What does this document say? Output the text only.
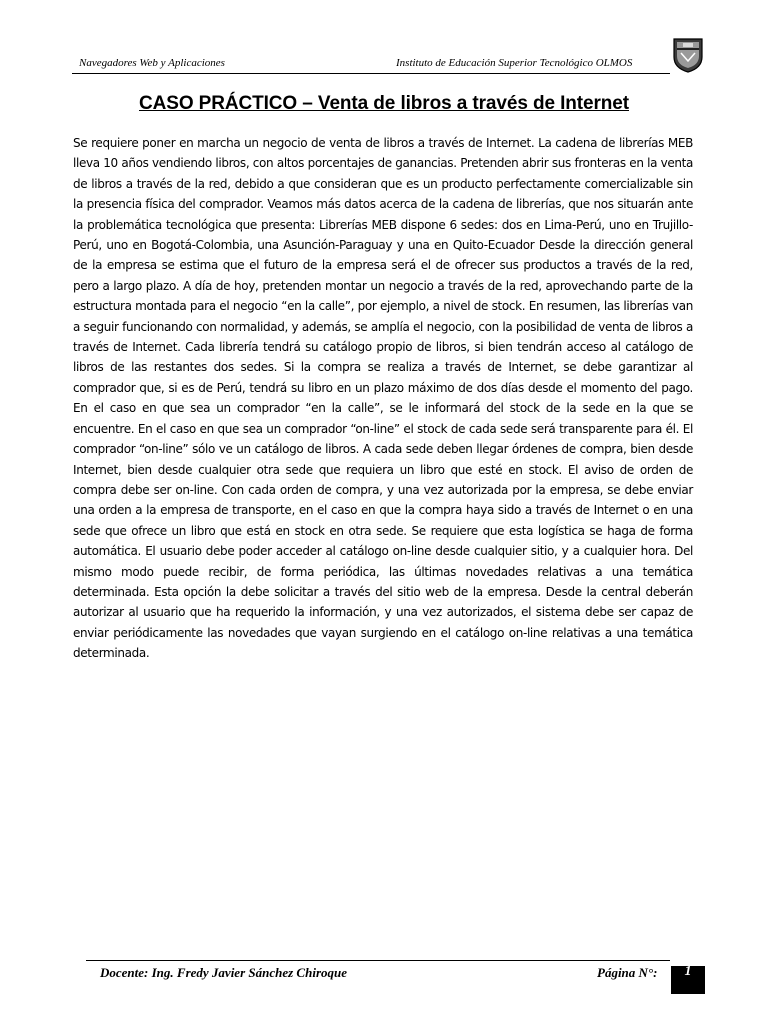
Navegadores Web y Aplicaciones	Instituto de Educación Superior Tecnológico OLMOS
CASO PRÁCTICO – Venta de libros a través de Internet
Se requiere poner en marcha un negocio de venta de libros a través de Internet. La cadena de librerías MEB lleva 10 años vendiendo libros, con altos porcentajes de ganancias. Pretenden abrir sus fronteras en la venta de libros a través de la red, debido a que consideran que es un producto perfectamente comercializable sin la presencia física del comprador. Veamos más datos acerca de la cadena de librerías, que nos situarán ante la problemática tecnológica que presenta: Librerías MEB dispone 6 sedes: dos en Lima-Perú, uno en Trujillo-Perú, uno en Bogotá-Colombia, una Asunción-Paraguay y una en Quito-Ecuador Desde la dirección general de la empresa se estima que el futuro de la empresa será el de ofrecer sus productos a través de la red, pero a largo plazo. A día de hoy, pretenden montar un negocio a través de la red, aprovechando parte de la estructura montada para el negocio “en la calle”, por ejemplo, a nivel de stock. En resumen, las librerías van a seguir funcionando con normalidad, y además, se amplía el negocio, con la posibilidad de venta de libros a través de Internet. Cada librería tendrá su catálogo propio de libros, si bien tendrán acceso al catálogo de libros de las restantes dos sedes. Si la compra se realiza a través de Internet, se debe garantizar al comprador que, si es de Perú, tendrá su libro en un plazo máximo de dos días desde el momento del pago. En el caso en que sea un comprador “en la calle”, se le informará del stock de la sede en la que se encuentre. En el caso en que sea un comprador “on-line” el stock de cada sede será transparente para él. El comprador “on-line” sólo ve un catálogo de libros. A cada sede deben llegar órdenes de compra, bien desde Internet, bien desde cualquier otra sede que requiera un libro que esté en stock. El aviso de orden de compra debe ser on-line. Con cada orden de compra, y una vez autorizada por la empresa, se debe enviar una orden a la empresa de transporte, en el caso en que la compra haya sido a través de Internet o en una sede que ofrece un libro que está en stock en otra sede. Se requiere que esta logística se haga de forma automática. El usuario debe poder acceder al catálogo on-line desde cualquier sitio, y a cualquier hora. Del mismo modo puede recibir, de forma periódica, las últimas novedades relativas a una temática determinada. Esta opción la debe solicitar a través del sitio web de la empresa. Desde la central deberán autorizar al usuario que ha requerido la información, y una vez autorizados, el sistema debe ser capaz de enviar periódicamente las novedades que vayan surgiendo en el catálogo on-line relativas a una temática determinada.
Docente: Ing. Fredy Javier Sánchez Chiroque	Página N°:	1
